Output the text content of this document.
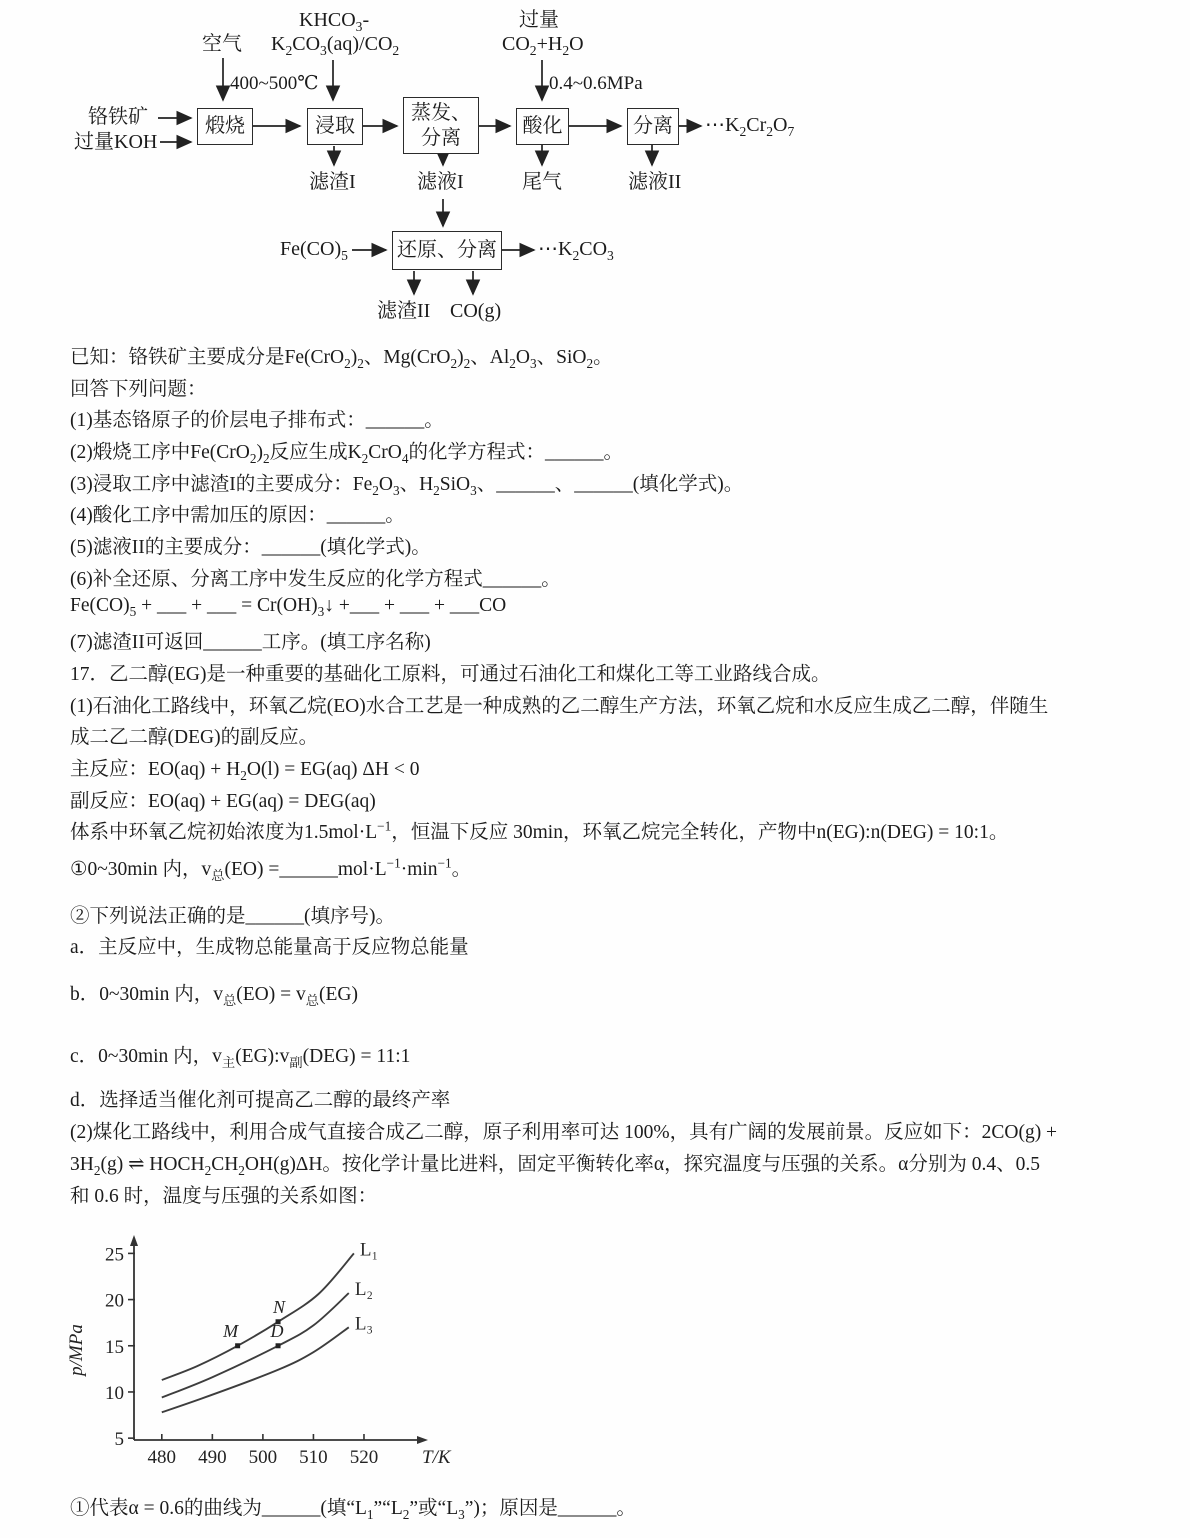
煅烧	浸取
蒸发、
分离
酸化	分离
还原、分离
铬铁矿
过量KOH
空气
$KHCO_3-$
$K_2CO_3(aq)/CO_2$
过量
$CO_2+H_2O$
$Fe(CO)_5$
400~500℃	0.4~0.6MPa
滤渣I	滤液I	尾气	滤液II
$\cdots K_2Cr_2O_7$
$\cdots K_2CO_3$
滤渣II CO(g)
已知：铬铁矿主要成分是$Fe(CrO_2)_2$、$Mg(CrO_2)_2$、$Al_2O_3$、SiO$_2$。
回答下列问题：
(1)基态铬原子的价层电子排布式：______。
(2)煅烧工序中$Fe(CrO_2)_2$反应生成$K_2CrO_4$的化学方程式：______。
(3)浸取工序中滤渣I的主要成分：$Fe_2O_3$、$H_2SiO_3$、______、______(填化学式)。
(4)酸化工序中需加压的原因：______。
(5)滤液II的主要成分：______(填化学式)。
(6)补全还原、分离工序中发生反应的化学方程式______。
$Fe(CO)_5$ + ___ + ___ = $Cr(OH)_3↓$ +___ + ___ + ___CO
(7)滤渣II可返回______工序。(填工序名称)
17．乙二醇(EG)是一种重要的基础化工原料，可通过石油化工和煤化工等工业路线合成。
(1)石油化工路线中，环氧乙烷(EO)水合工艺是一种成熟的乙二醇生产方法，环氧乙烷和水反应生成乙二醇，伴随生
成二乙二醇(DEG)的副反应。
主反应：$EO(aq) + H_2O(l) = EG(aq) \Delta H < 0$
副反应：EO(aq) + EG(aq) = DEG(aq)
体系中环氧乙烷初始浓度为$1.5mol\cdot L^{-1}$，恒温下反应 30min，环氧乙烷完全转化，产物中n(EG):n(DEG) = 10:1。
①0~30min 内，$v_总(EO)$ $=\_\_\_\_\_\_mol\cdot L^{-1}\cdot\min^{-1}$。
②下列说法正确的是______(填序号)。
a．主反应中，生成物总能量高于反应物总能量
b．0~30min 内，$v_总(EO) = v_总(EG)$
c．0~30min 内，$v_主(EG):v_副(DEG)$ = 11:1
d．选择适当催化剂可提高乙二醇的最终产率
(2)煤化工路线中，利用合成气直接合成乙二醇，原子利用率可达 100%，具有广阔的发展前景。反应如下：2CO(g) +
$3H_2(g)$ ⇌ $HOCH_2CH_2OH(g)\Delta H$。按化学计量比进料，固定平衡转化率α，探究温度与压强的关系。α分别为 0.4、0.5
和 0.6 时，温度与压强的关系如图：
5
10
15
20
25
480 490 500 510 520 T/K
p/MPa
L₁
L₂
L₃
M
N
D
①代表α = 0.6的曲线为______(填“$L_1”“L_2$”或“$L_3$”)；原因是______。
